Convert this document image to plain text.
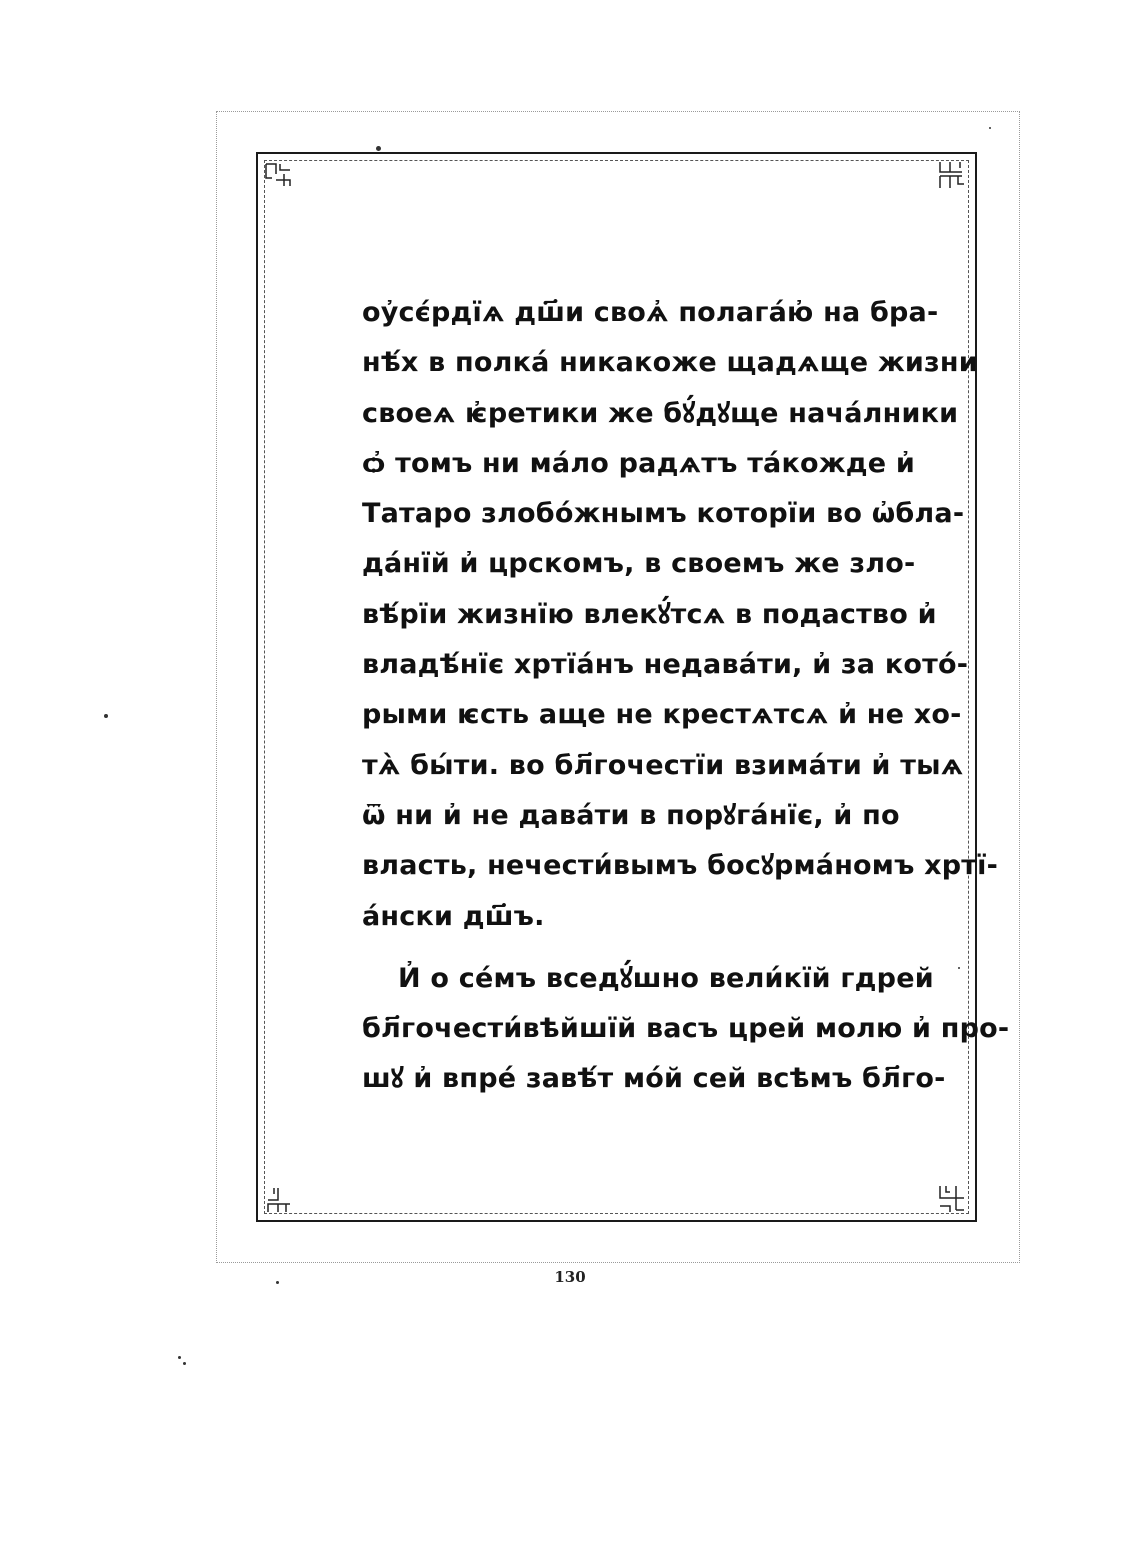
оу҆сє́рдїѧ дш҃и своѧ҆ полага́ю҆ на бра-
нѣ́х в полка́ никакоже щадѧще жизни
своеѧ ѥ҆ретики же бꙋ́дꙋще нача́лники
ѻ҆ томъ ни ма́ло радѧтъ та́кожде и҆
Татаро злобо́жнымъ которїи во ѡ҆бла-
да́нїй и҆ црскомъ, в своемъ же зло-
вѣ́рїи жизнїю влекꙋ́тсѧ в подаство и҆
владѣ́нїє хртїа́нъ недава́ти, и҆ за кото́-
рыми ѥсть аще не крестѧтсѧ и҆ не хо-
тѧ̀ бы́ти. во бл҃гочестїи взима́ти и҆ тыѧ
ѿ ни и҆ не дава́ти в порꙋга́нїє, и҆ по
власть, нечести́вымъ босꙋрма́номъ хртї-
а́нски дш҃ъ.
И҆ о се́мъ вседꙋ́шно вели́кїй гдрей
бл҃гочести́вѣйшїй васъ црей молю и҆ про-
шꙋ и҆ впре́ завѣ́т мо́й сей всѣмъ бл҃го-
130
